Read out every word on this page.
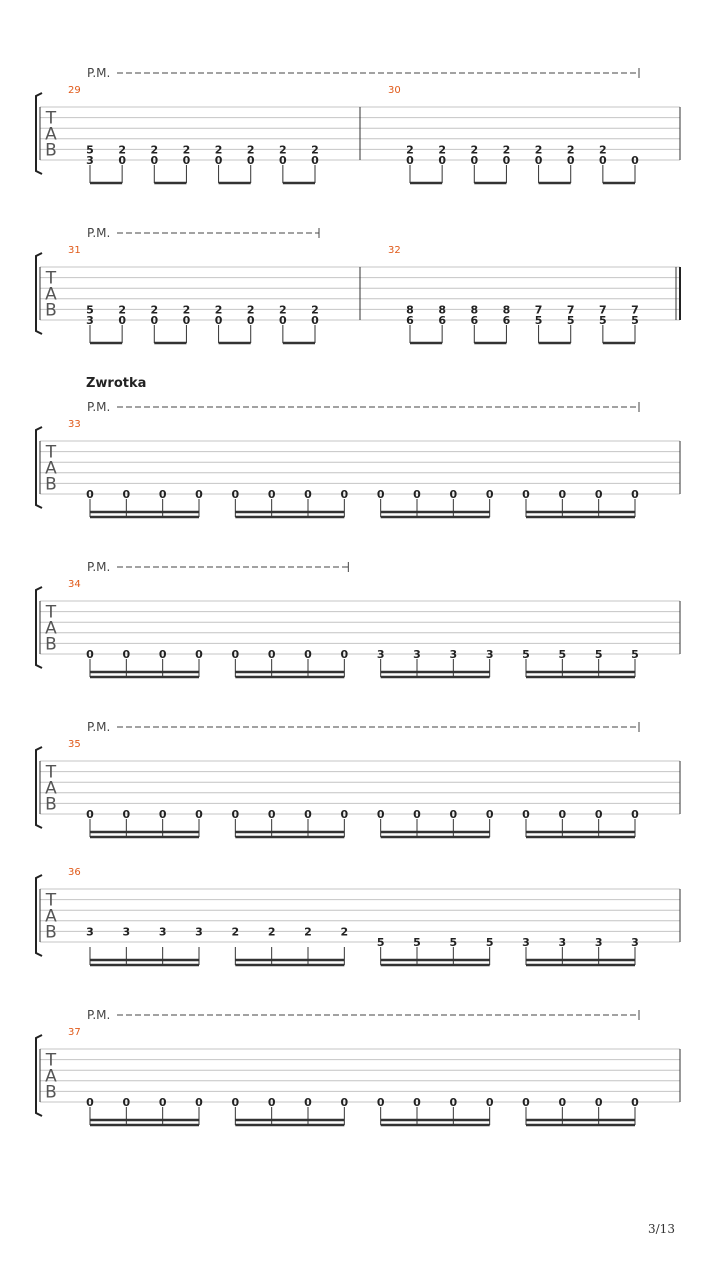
T
A
B
29
5
3
2
0
2
0
2
0
2
0
2
0
2
0
2
0
30
2
0
2
0
2
0
2
0
2
0
2
0
2
0 0
P.M.
T
A
B
31
5
3
2
0
2
0
2
0
2
0
2
0
2
0
2
0
32
8
6
8
6
8
6
8
6
7
5
7
5
7
5
7
5
P.M.
T
A
B
Zwrotka
33
0	0	0	0	0	0	0	0	0	0	0	0	0	0	0	0
P.M.
T
A
B
34
0	0	0	0	0	0	0	0	3	3	3	3	5	5	5	5
P.M.
T
A
B
35
0	0	0	0	0	0	0	0	0	0	0	0	0	0	0	0
P.M.
T
A
B
36
3	3	3	3	2	2	2	2
5	5	5	5	3	3	3	3
T
A
B
37
0	0	0	0	0	0	0	0	0	0	0	0	0	0	0	0
P.M.
3/13
